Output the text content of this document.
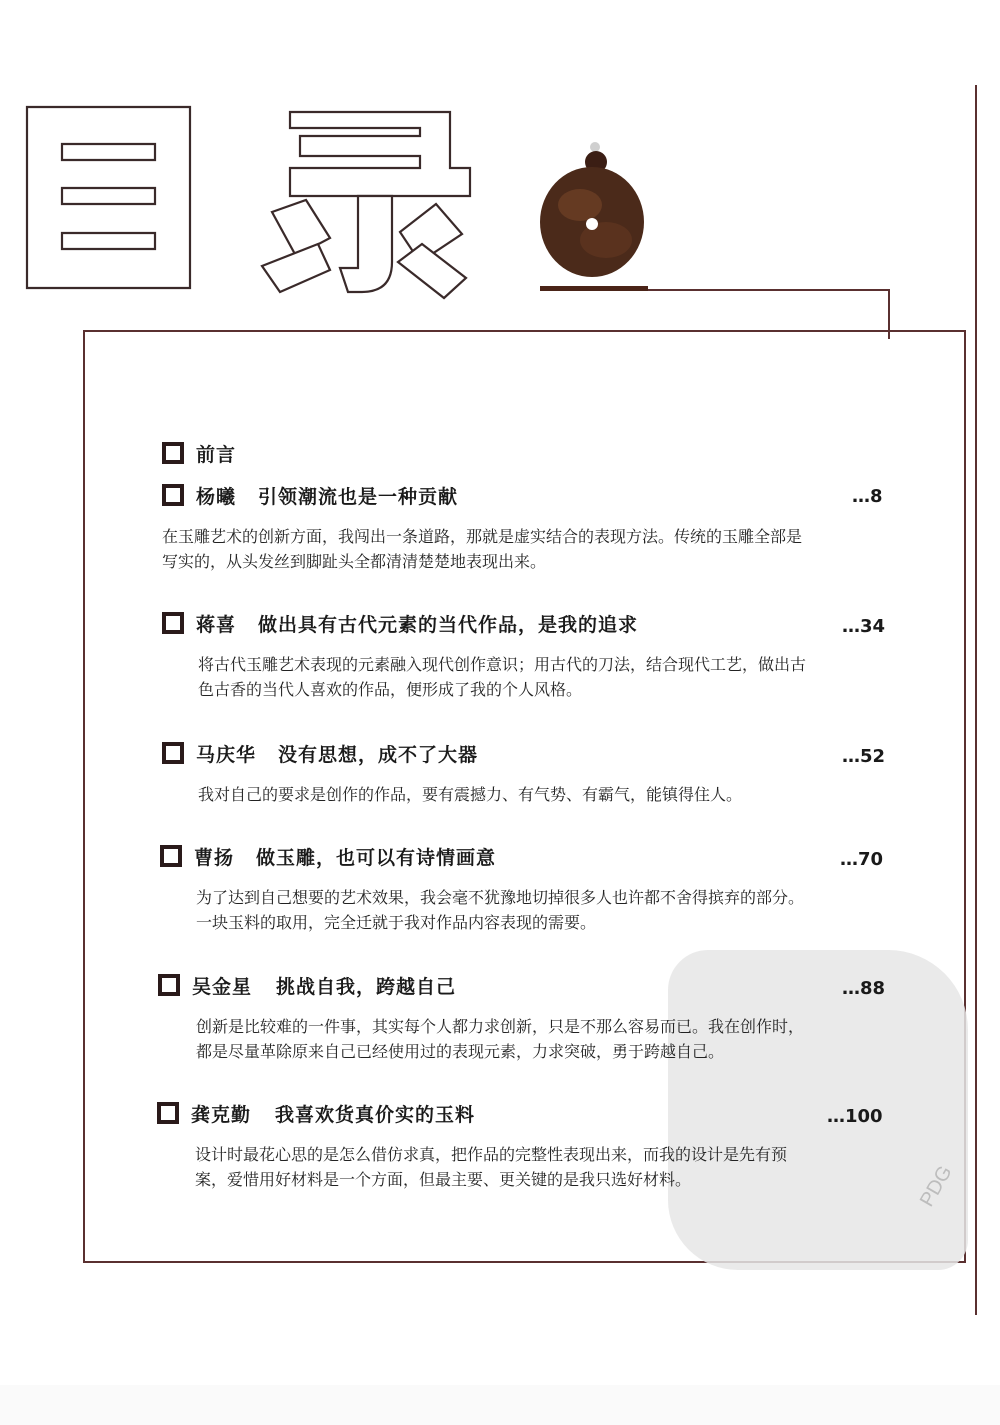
PDG
前言
杨曦 引领潮流也是一种贡献	…8
在玉雕艺术的创新方面，我闯出一条道路，那就是虚实结合的表现方法。传统的玉雕全部是
写实的，从头发丝到脚趾头全都清清楚楚地表现出来。
蒋喜 做出具有古代元素的当代作品，是我的追求	…34
将古代玉雕艺术表现的元素融入现代创作意识；用古代的刀法，结合现代工艺，做出古
色古香的当代人喜欢的作品，便形成了我的个人风格。
马庆华 没有思想，成不了大器	…52
我对自己的要求是创作的作品，要有震撼力、有气势、有霸气，能镇得住人。
曹扬 做玉雕，也可以有诗情画意	…70
为了达到自己想要的艺术效果，我会毫不犹豫地切掉很多人也许都不舍得摈弃的部分。
一块玉料的取用，完全迁就于我对作品内容表现的需要。
吴金星 挑战自我，跨越自己	…88
创新是比较难的一件事，其实每个人都力求创新，只是不那么容易而已。我在创作时，
都是尽量革除原来自己已经使用过的表现元素，力求突破，勇于跨越自己。
龚克勤 我喜欢货真价实的玉料	…100
设计时最花心思的是怎么借仿求真，把作品的完整性表现出来，而我的设计是先有预
案，爱惜用好材料是一个方面，但最主要、更关键的是我只选好材料。
